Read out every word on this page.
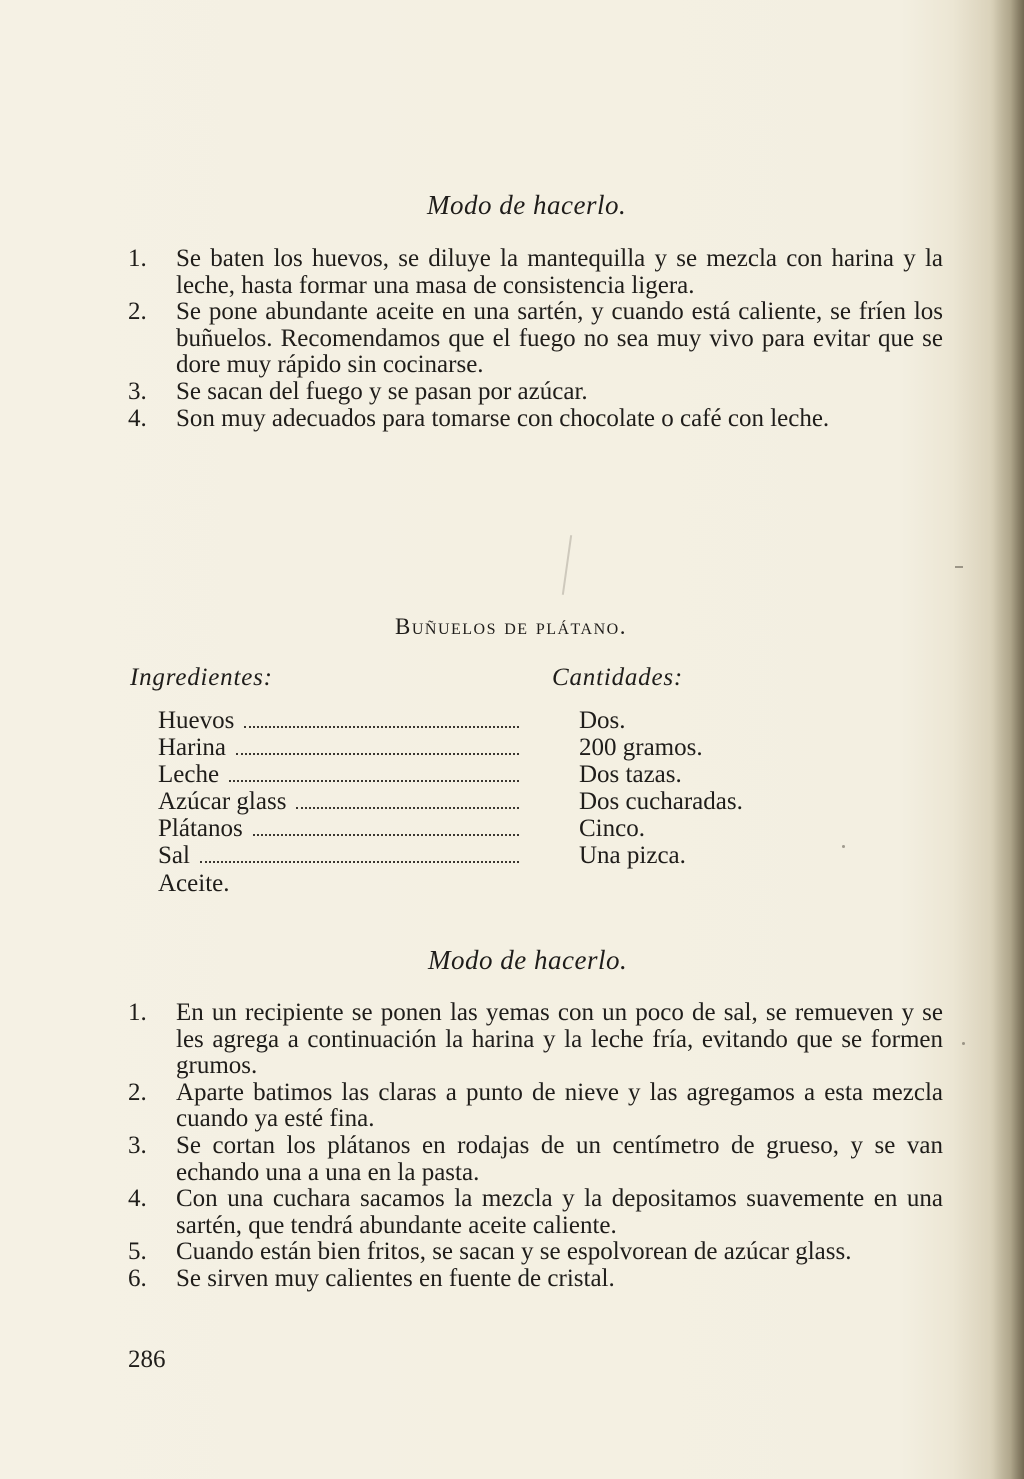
Modo de hacerlo.
1. Se baten los huevos, se diluye la mantequilla y se mezcla con harina y la leche, hasta formar una masa de consistencia ligera.
2. Se pone abundante aceite en una sartén, y cuando está caliente, se fríen los buñuelos. Recomendamos que el fuego no sea muy vivo para evitar que se dore muy rápido sin cocinarse.
3. Se sacan del fuego y se pasan por azúcar.
4. Son muy adecuados para tomarse con chocolate o café con leche.
Buñuelos de plátano.
Ingredientes:	Cantidades:
Huevos
Harina
Leche
Azúcar glass
Plátanos
Sal
Aceite.
Dos.
200 gramos.
Dos tazas.
Dos cucharadas.
Cinco.
Una pizca.
Modo de hacerlo.
1. En un recipiente se ponen las yemas con un poco de sal, se remueven y se les agrega a continuación la harina y la leche fría, evitando que se formen grumos.
2. Aparte batimos las claras a punto de nieve y las agregamos a esta mezcla cuando ya esté fina.
3. Se cortan los plátanos en rodajas de un centímetro de grueso, y se van echando una a una en la pasta.
4. Con una cuchara sacamos la mezcla y la depositamos suavemente en una sartén, que tendrá abundante aceite caliente.
5. Cuando están bien fritos, se sacan y se espolvorean de azúcar glass.
6. Se sirven muy calientes en fuente de cristal.
286
